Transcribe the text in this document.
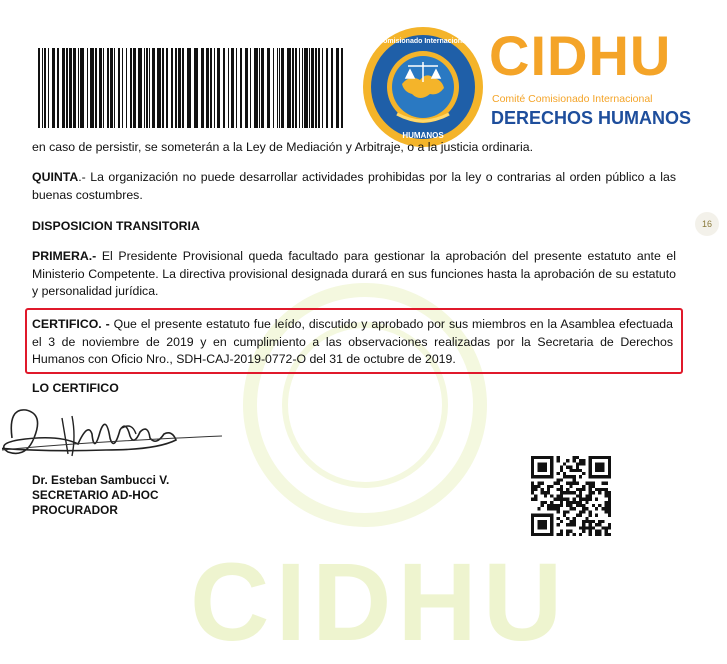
CIDHU
Comisionado Internacional
HUMANOS
CIDHU
Comité Comisionado Internacional
DERECHOS HUMANOS
en caso de persistir, se someterán a la Ley de Mediación y Arbitraje, o a la justicia ordinaria.
QUINTA.- La organización no puede desarrollar actividades prohibidas por la ley o contrarias al orden público a las buenas costumbres.
DISPOSICION TRANSITORIA
PRIMERA.- El Presidente Provisional queda facultado para gestionar la aprobación del presente estatuto ante el Ministerio Competente. La directiva provisional designada durará en sus funciones hasta la aprobación de su estatuto y personalidad jurídica.
CERTIFICO. - Que el presente estatuto fue leído, discutido y aprobado por sus miembros en la Asamblea efectuada el 3 de noviembre de 2019 y en cumplimiento a las observaciones realizadas por la Secretaria de Derechos Humanos con Oficio Nro., SDH-CAJ-2019-0772-O del 31 de octubre de 2019.
16
LO CERTIFICO
Dr. Esteban Sambucci V.
SECRETARIO AD-HOC
PROCURADOR
